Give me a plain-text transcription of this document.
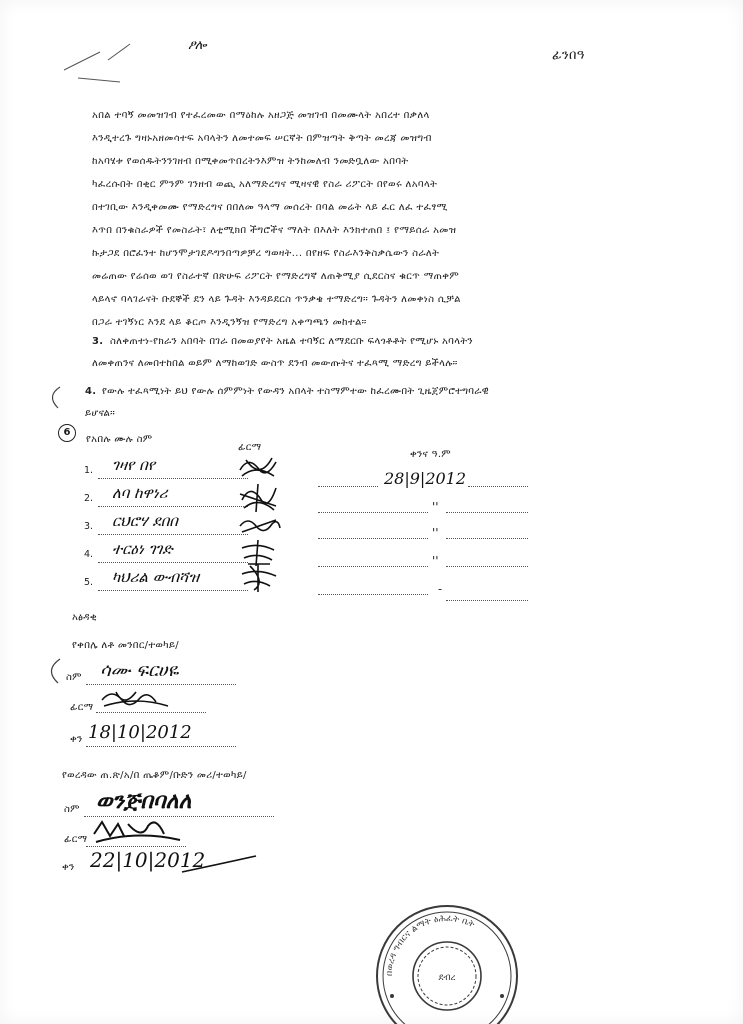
ፆሎ
ፊንበዓ
አበል ተባኝ መመዝገብ የተፈረመው በማዕከሉ አዘጋጅ መዝገብ በመሙላት አበረተ በቃለላ
እንዲተረጉ ግዛኑአዘመሳተፍ አባላትን ለመተመፍ ሠርኛት በምዝጣት ቅጣት መረጃ መዝግብ
ከአባሄቱ የወሰዱትንንገዘብ በሚቀመጥበረትንእምዝ ትንከመለብ ንመድቧለው አበባት
ካፈረሱበት በቂር ምንም ገንዘብ ወጪ አለማድረግና ሚዛናዊ የስራ ሪፖርት በየወሩ ለአባላት
በተገቢው እንዲቀመሙ የማድረግና በበለመ ዓላማ መሰረት በባል መሬት ላይ ፈር ለፈ ተፈፃሚ
እጥበ በንቁስራዎች የመስራት፣ ለቲሚክበ ችግሮችና ማለት በእለት እንክተጠበ ፤ የማይሰራ አመዝ
ኩታጋደ በሮፈንተ ከሆንሞታገደዶግንበጣዎቻረ ግወዛት... በየዘፍ የስራእንቅስቃሴውን ስራለት
መሬጠው የሬሰወ ወገ የስራተኛ በጽሁፍ ሪፖርት የማድረግኛ ለጠቅሚያ ሲደርስና ቁርጥ ማጠቀም
ላይላኖ ባላገራናት ቡደኞች ደን ላይ ጉዳት እንዳይደርስ ጥንቃቄ ተማድረግ። ጉዳትን ለመቀነስ ሲቻል
በጋራ ተገኝነር እንደ ላይ ቆርጦ እንዲንኝዝ የማድረግ አቀጣጫን መከተል።
3. ስለቀጠተነ-የክራን አበባት በገራ በመወያየት አዜል ተባኝር ለማደርቡ ፍላጎቶቶት የሚሆኑ አባላትን
ለመቀጠንና ለመበተከበል ወይም ለማከወገድ ውስጥ ደንብ መውጡትና ተፈጻሚ ማድረግ ይችላሉ።
4. የውሉ ተፈጻሚነት ይህ የውሉ ሰምምነት የውዳን አበላት ተስማምተው ከፈረሙበት ጊዜጀምሮተግባራዊ
ይሆናል።
6
የአበሉ ሙሉ ስም
ፊርማ
ቀንና ዓ.ም
1. ገዛየ በየ
28|9|2012
2. ለባ ከዋነሪ
''
3. ርህሮሃ ደበበ
''
4. ተርዕነ ገገድ
''
5. ካህሪል ውብሻዝ
-
አፅዳቂ
የቀበሌ ለቶ መንበር/ተወካይ/
ስም ሳሙ ፍርሀዬ
ፊርማ
ቀን 18|10|2012
የወረዳው ጠ.ጽ/አ/በ ጤቆም/ቡድን መሪ/ተወካይ/
ስም ወንጅበባለለ
ፊርማ
ቀን 22|10|2012
በወረዳ ግብርና ልማት ፅሕፈት ቤት
ደብረ
